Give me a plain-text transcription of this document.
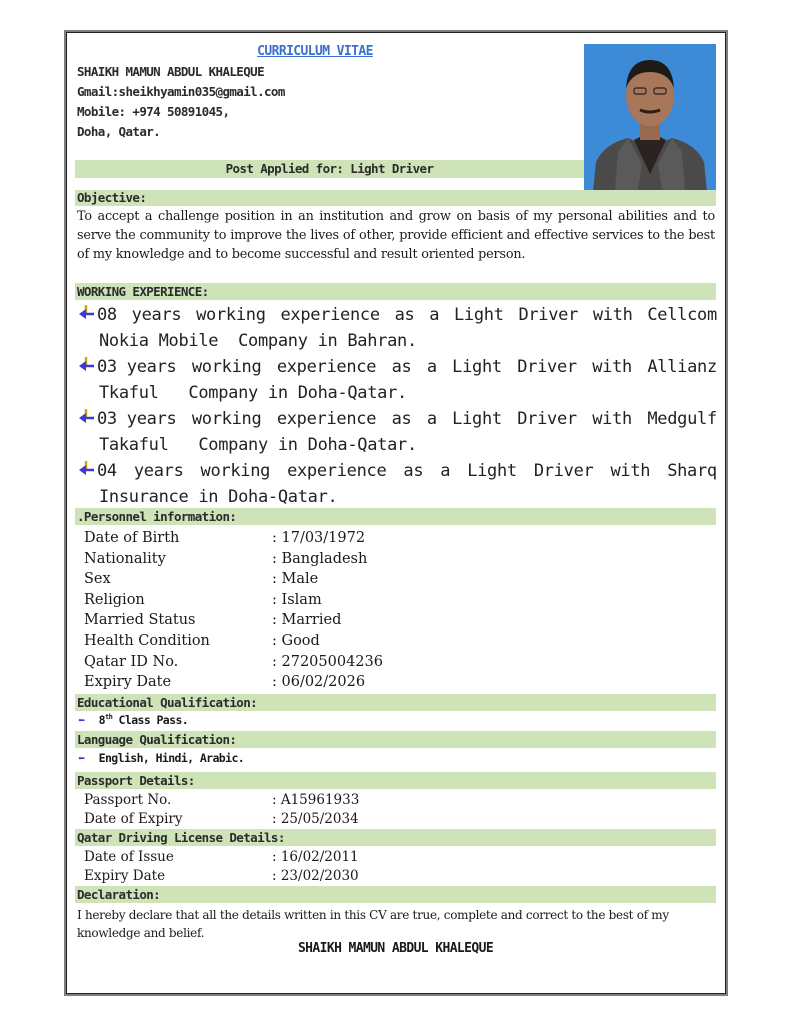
CURRICULUM VITAE
SHAIKH MAMUN ABDUL KHALEQUE
Gmail:sheikhyamin035@gmail.com
Mobile: +974 50891045,
Doha, Qatar.
Post Applied for: Light Driver
Objective:
To accept a challenge position in an institution and grow on basis of my personal abilities and to serve the community to improve the lives of other, provide efficient and effective services to the best of my knowledge and to become successful and result oriented person.
WORKING EXPERIENCE:
08 years working experience as a Light Driver with Cellcom
Nokia Mobile  Company in Bahran.
03 years working experience as a Light Driver with Allianz
Tkaful   Company in Doha-Qatar.
03 years working experience as a Light Driver with Medgulf
Takaful   Company in Doha-Qatar.
04 years working experience as a Light Driver with Sharq
Insurance in Doha-Qatar.
.Personnel information:
Date of Birth	: 17/03/1972
Nationality	: Bangladesh
Sex	: Male
Religion	: Islam
Married Status	: Married
Health Condition	: Good
Qatar ID No.	: 27205004236
Expiry Date	: 06/02/2026
Educational Qualification:
⬅ 8th Class Pass.
Language Qualification:
⬅ English, Hindi, Arabic.
Passport Details:
Passport No.	: A15961933
Date of Expiry	: 25/05/2034
Qatar Driving License Details:
Date of Issue	: 16/02/2011
Expiry Date	: 23/02/2030
Declaration:
I hereby declare that all the details written in this CV are true, complete and correct to the best of my knowledge and belief.
SHAIKH MAMUN ABDUL KHALEQUE
